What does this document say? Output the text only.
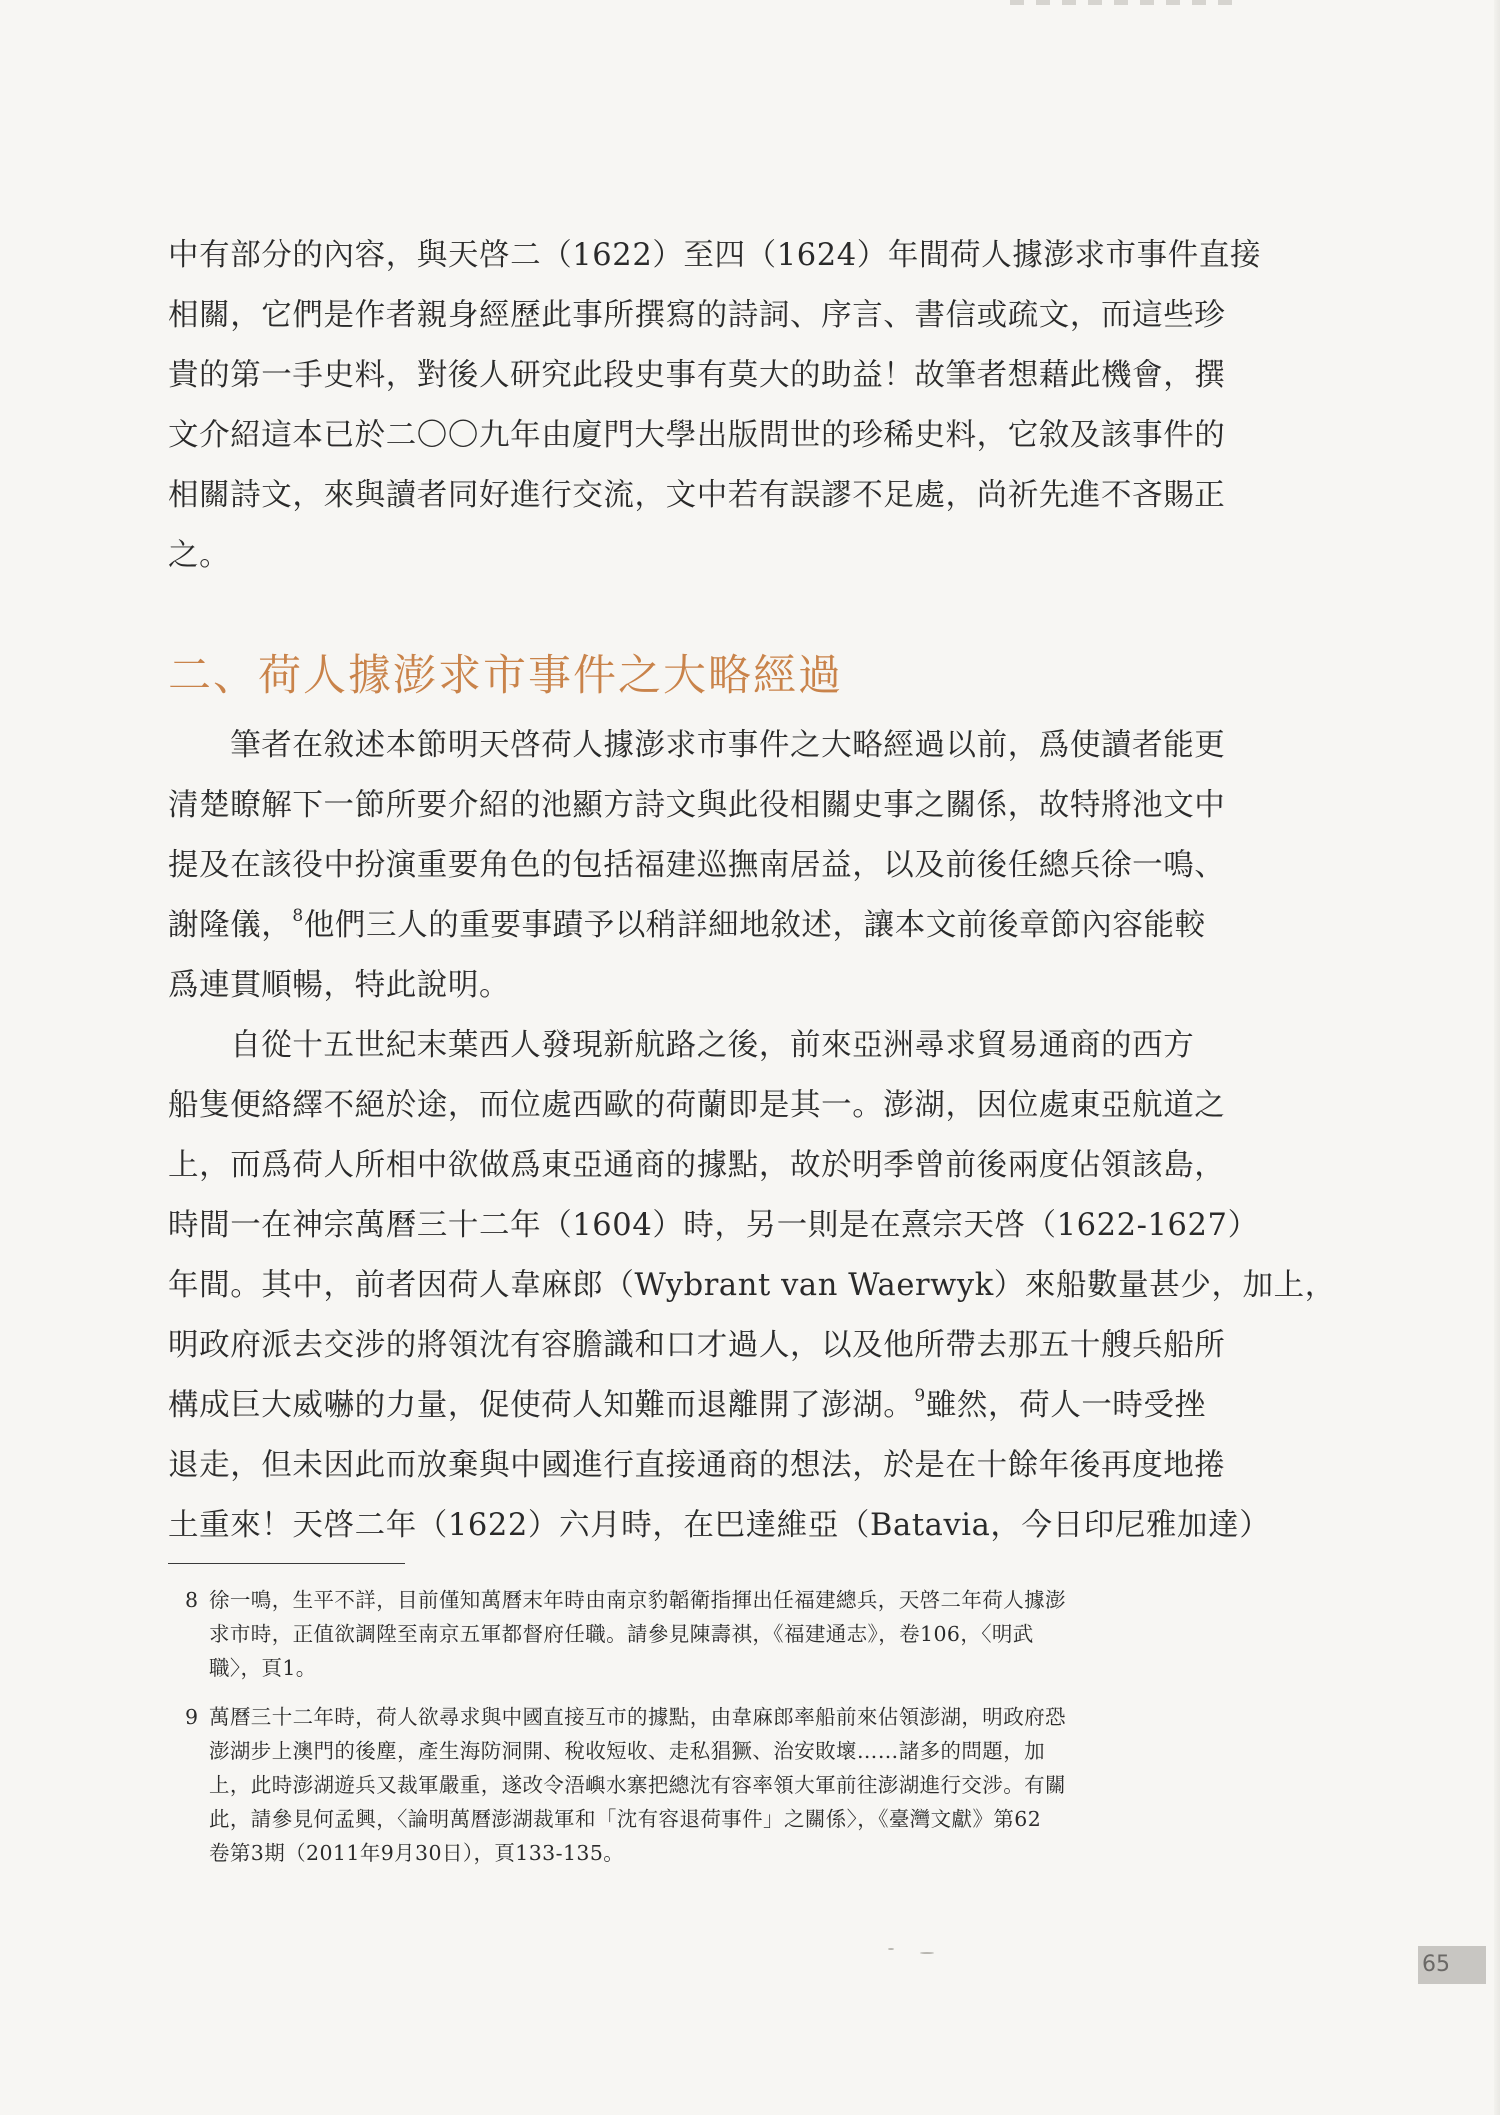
中有部分的內容，與天啓二（1622）至四（1624）年間荷人據澎求市事件直接
相關，它們是作者親身經歷此事所撰寫的詩詞、序言、書信或疏文，而這些珍
貴的第一手史料，對後人研究此段史事有莫大的助益！故筆者想藉此機會，撰
文介紹這本已於二〇〇九年由廈門大學出版問世的珍稀史料，它敘及該事件的
相關詩文，來與讀者同好進行交流，文中若有誤謬不足處，尚祈先進不吝賜正
之。
二、荷人據澎求市事件之大略經過
　　筆者在敘述本節明天啓荷人據澎求市事件之大略經過以前，爲使讀者能更
清楚瞭解下一節所要介紹的池顯方詩文與此役相關史事之關係，故特將池文中
提及在該役中扮演重要角色的包括福建巡撫南居益，以及前後任總兵徐一鳴、
謝隆儀，$^8$他們三人的重要事蹟予以稍詳細地敘述，讓本文前後章節內容能較
爲連貫順暢，特此說明。
　　自從十五世紀末葉西人發現新航路之後，前來亞洲尋求貿易通商的西方
船隻便絡繹不絕於途，而位處西歐的荷蘭即是其一。澎湖，因位處東亞航道之
上，而爲荷人所相中欲做爲東亞通商的據點，故於明季曾前後兩度佔領該島，
時間一在神宗萬曆三十二年（1604）時，另一則是在熹宗天啓（1622-1627）
年間。其中，前者因荷人韋麻郎（Wybrant van Waerwyk）來船數量甚少，加上，
明政府派去交涉的將領沈有容膽識和口才過人，以及他所帶去那五十艘兵船所
構成巨大威嚇的力量，促使荷人知難而退離開了澎湖。$^9$雖然，荷人一時受挫
退走，但未因此而放棄與中國進行直接通商的想法，於是在十餘年後再度地捲
土重來！天啓二年（1622）六月時，在巴達維亞（Batavia，今日印尼雅加達）
8 徐一鳴，生平不詳，目前僅知萬曆末年時由南京豹韜衛指揮出任福建總兵，天啓二年荷人據澎
求市時，正值欲調陞至南京五軍都督府任職。請參見陳壽祺，《福建通志》，卷106，〈明武
職〉，頁1。
9 萬曆三十二年時，荷人欲尋求與中國直接互市的據點，由韋麻郎率船前來佔領澎湖，明政府恐
澎湖步上澳門的後塵，產生海防洞開、稅收短收、走私猖獗、治安敗壞……諸多的問題，加
上，此時澎湖遊兵又裁軍嚴重，遂改令浯嶼水寨把總沈有容率領大軍前往澎湖進行交涉。有關
此，請參見何孟興，〈論明萬曆澎湖裁軍和「沈有容退荷事件」之關係〉，《臺灣文獻》第62
卷第3期（2011年9月30日），頁133-135。
65
